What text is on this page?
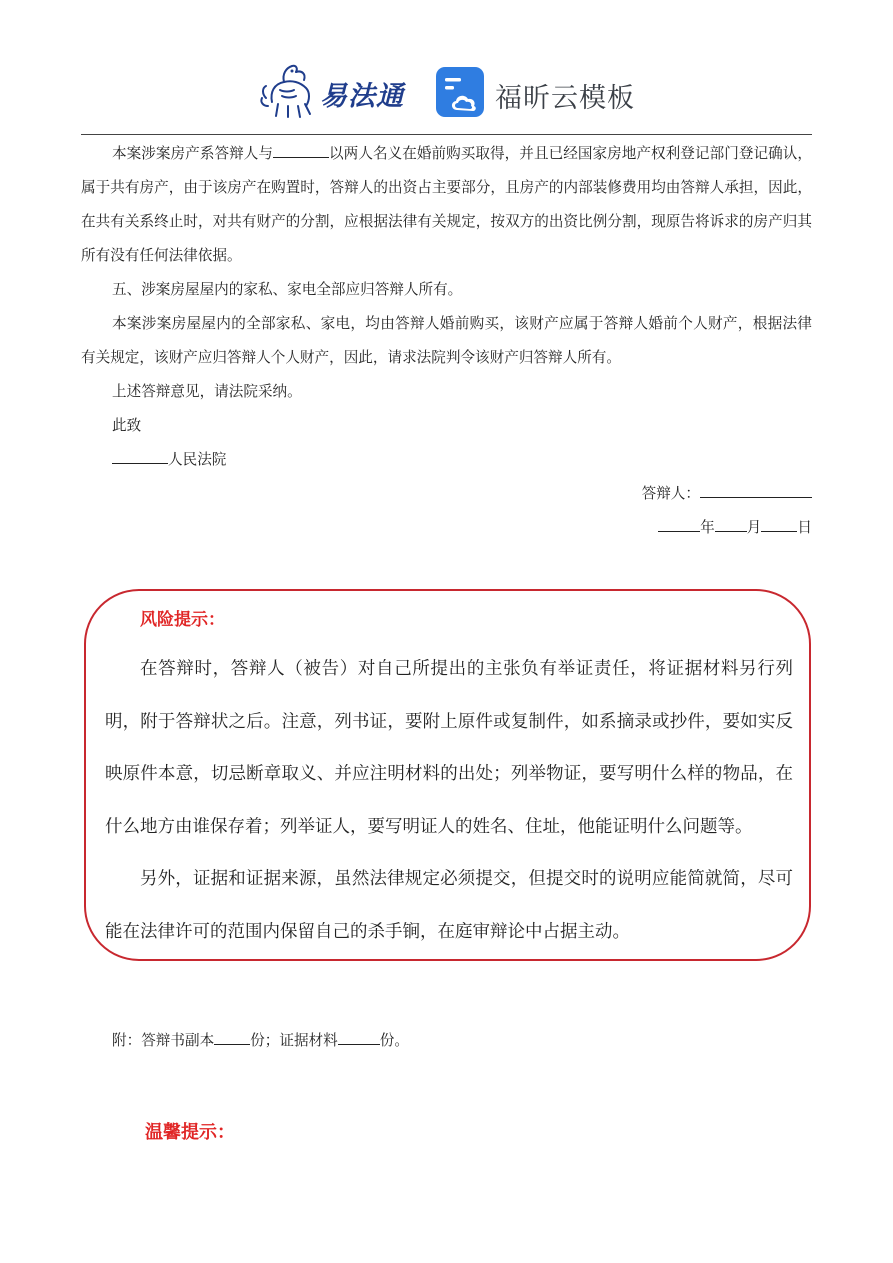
易法通	福昕云模板

本案涉案房产系答辩人与	以两人名义在婚前购买取得，并且已经国家房地产权利登记部门登记确认，属于共有房产，由于该房产在购置时，答辩人的出资占主要部分，且房产的内部装修费用均由答辩人承担，因此，在共有关系终止时，对共有财产的分割，应根据法律有关规定，按双方的出资比例分割，现原告将诉求的房产归其所有没有任何法律依据。

五、涉案房屋屋内的家私、家电全部应归答辩人所有。

本案涉案房屋屋内的全部家私、家电，均由答辩人婚前购买，该财产应属于答辩人婚前个人财产，根据法律有关规定，该财产应归答辩人个人财产，因此，请求法院判令该财产归答辩人所有。

上述答辩意见，请法院采纳。

此致

人民法院

答辩人：

年 月 日

风险提示：

在答辩时，答辩人（被告）对自己所提出的主张负有举证责任，将证据材料另行列明，附于答辩状之后。注意，列书证，要附上原件或复制件，如系摘录或抄件，要如实反映原件本意，切忌断章取义、并应注明材料的出处；列举物证，要写明什么样的物品，在什么地方由谁保存着；列举证人，要写明证人的姓名、住址，他能证明什么问题等。

另外，证据和证据来源，虽然法律规定必须提交，但提交时的说明应能简就简，尽可能在法律许可的范围内保留自己的杀手锏，在庭审辩论中占据主动。

附：答辩书副本 份；证据材料	份。
温馨提示：
